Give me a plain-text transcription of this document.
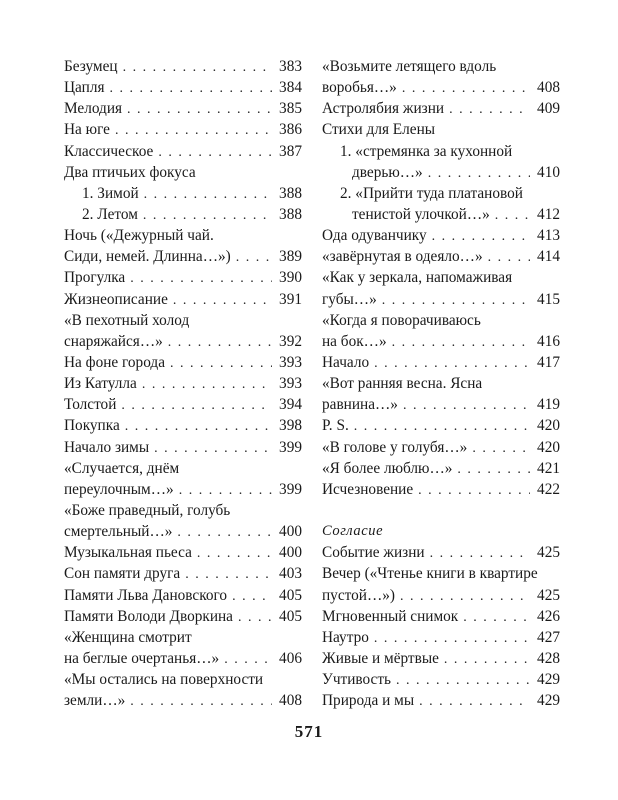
Безумец . . .	383
Цапля . . .	384
Мелодия . . .	385
На юге . . .	386
Классическое . . .	387
Два птичьих фокуса
1. Зимой . . .	388
2. Летом . . .	388
Ночь («Дежурный чай.
Сиди, немей. Длинна…») . . .	389
Прогулка . . .	390
Жизнеописание . . .	391
«В пехотный холод
снаряжайся…» . . .	392
На фоне города . . .	393
Из Катулла . . .	393
Толстой . . .	394
Покупка . . .	398
Начало зимы . . .	399
«Случается, днём
переулочным…» . . .	399
«Боже праведный, голубь
смертельный…» . . .	400
Музыкальная пьеса . . .	400
Сон памяти друга . . .	403
Памяти Льва Дановского . . .	405
Памяти Володи Дворкина . . .	405
«Женщина смотрит
на беглые очертанья…» . . .	406
«Мы остались на поверхности
земли…» . . .	408
«Возьмите летящего вдоль
воробья…» . . .	408
Астролябия жизни . . .	409
Стихи для Елены
1. «стремянка за кухонной
дверью…» . . .	410
2. «Прийти туда платановой
тенистой улочкой…» . . .	412
Ода одуванчику . . .	413
«завёрнутая в одеяло…» . . .	414
«Как у зеркала, напомаживая
губы…» . . .	415
«Когда я поворачиваюсь
на бок…» . . .	416
Начало . . .	417
«Вот ранняя весна. Ясна
равнина…» . . .	419
P. S. . . .	420
«В голове у голубя…» . . .	420
«Я более люблю…» . . .	421
Исчезновение . . .	422
Согласие
Событие жизни . . .	425
Вечер («Чтенье книги в квартире
пустой…») . . .	425
Мгновенный снимок . . .	426
Наутро . . .	427
Живые и мёртвые . . .	428
Учтивость . . .	429
Природа и мы . . .	429
571
